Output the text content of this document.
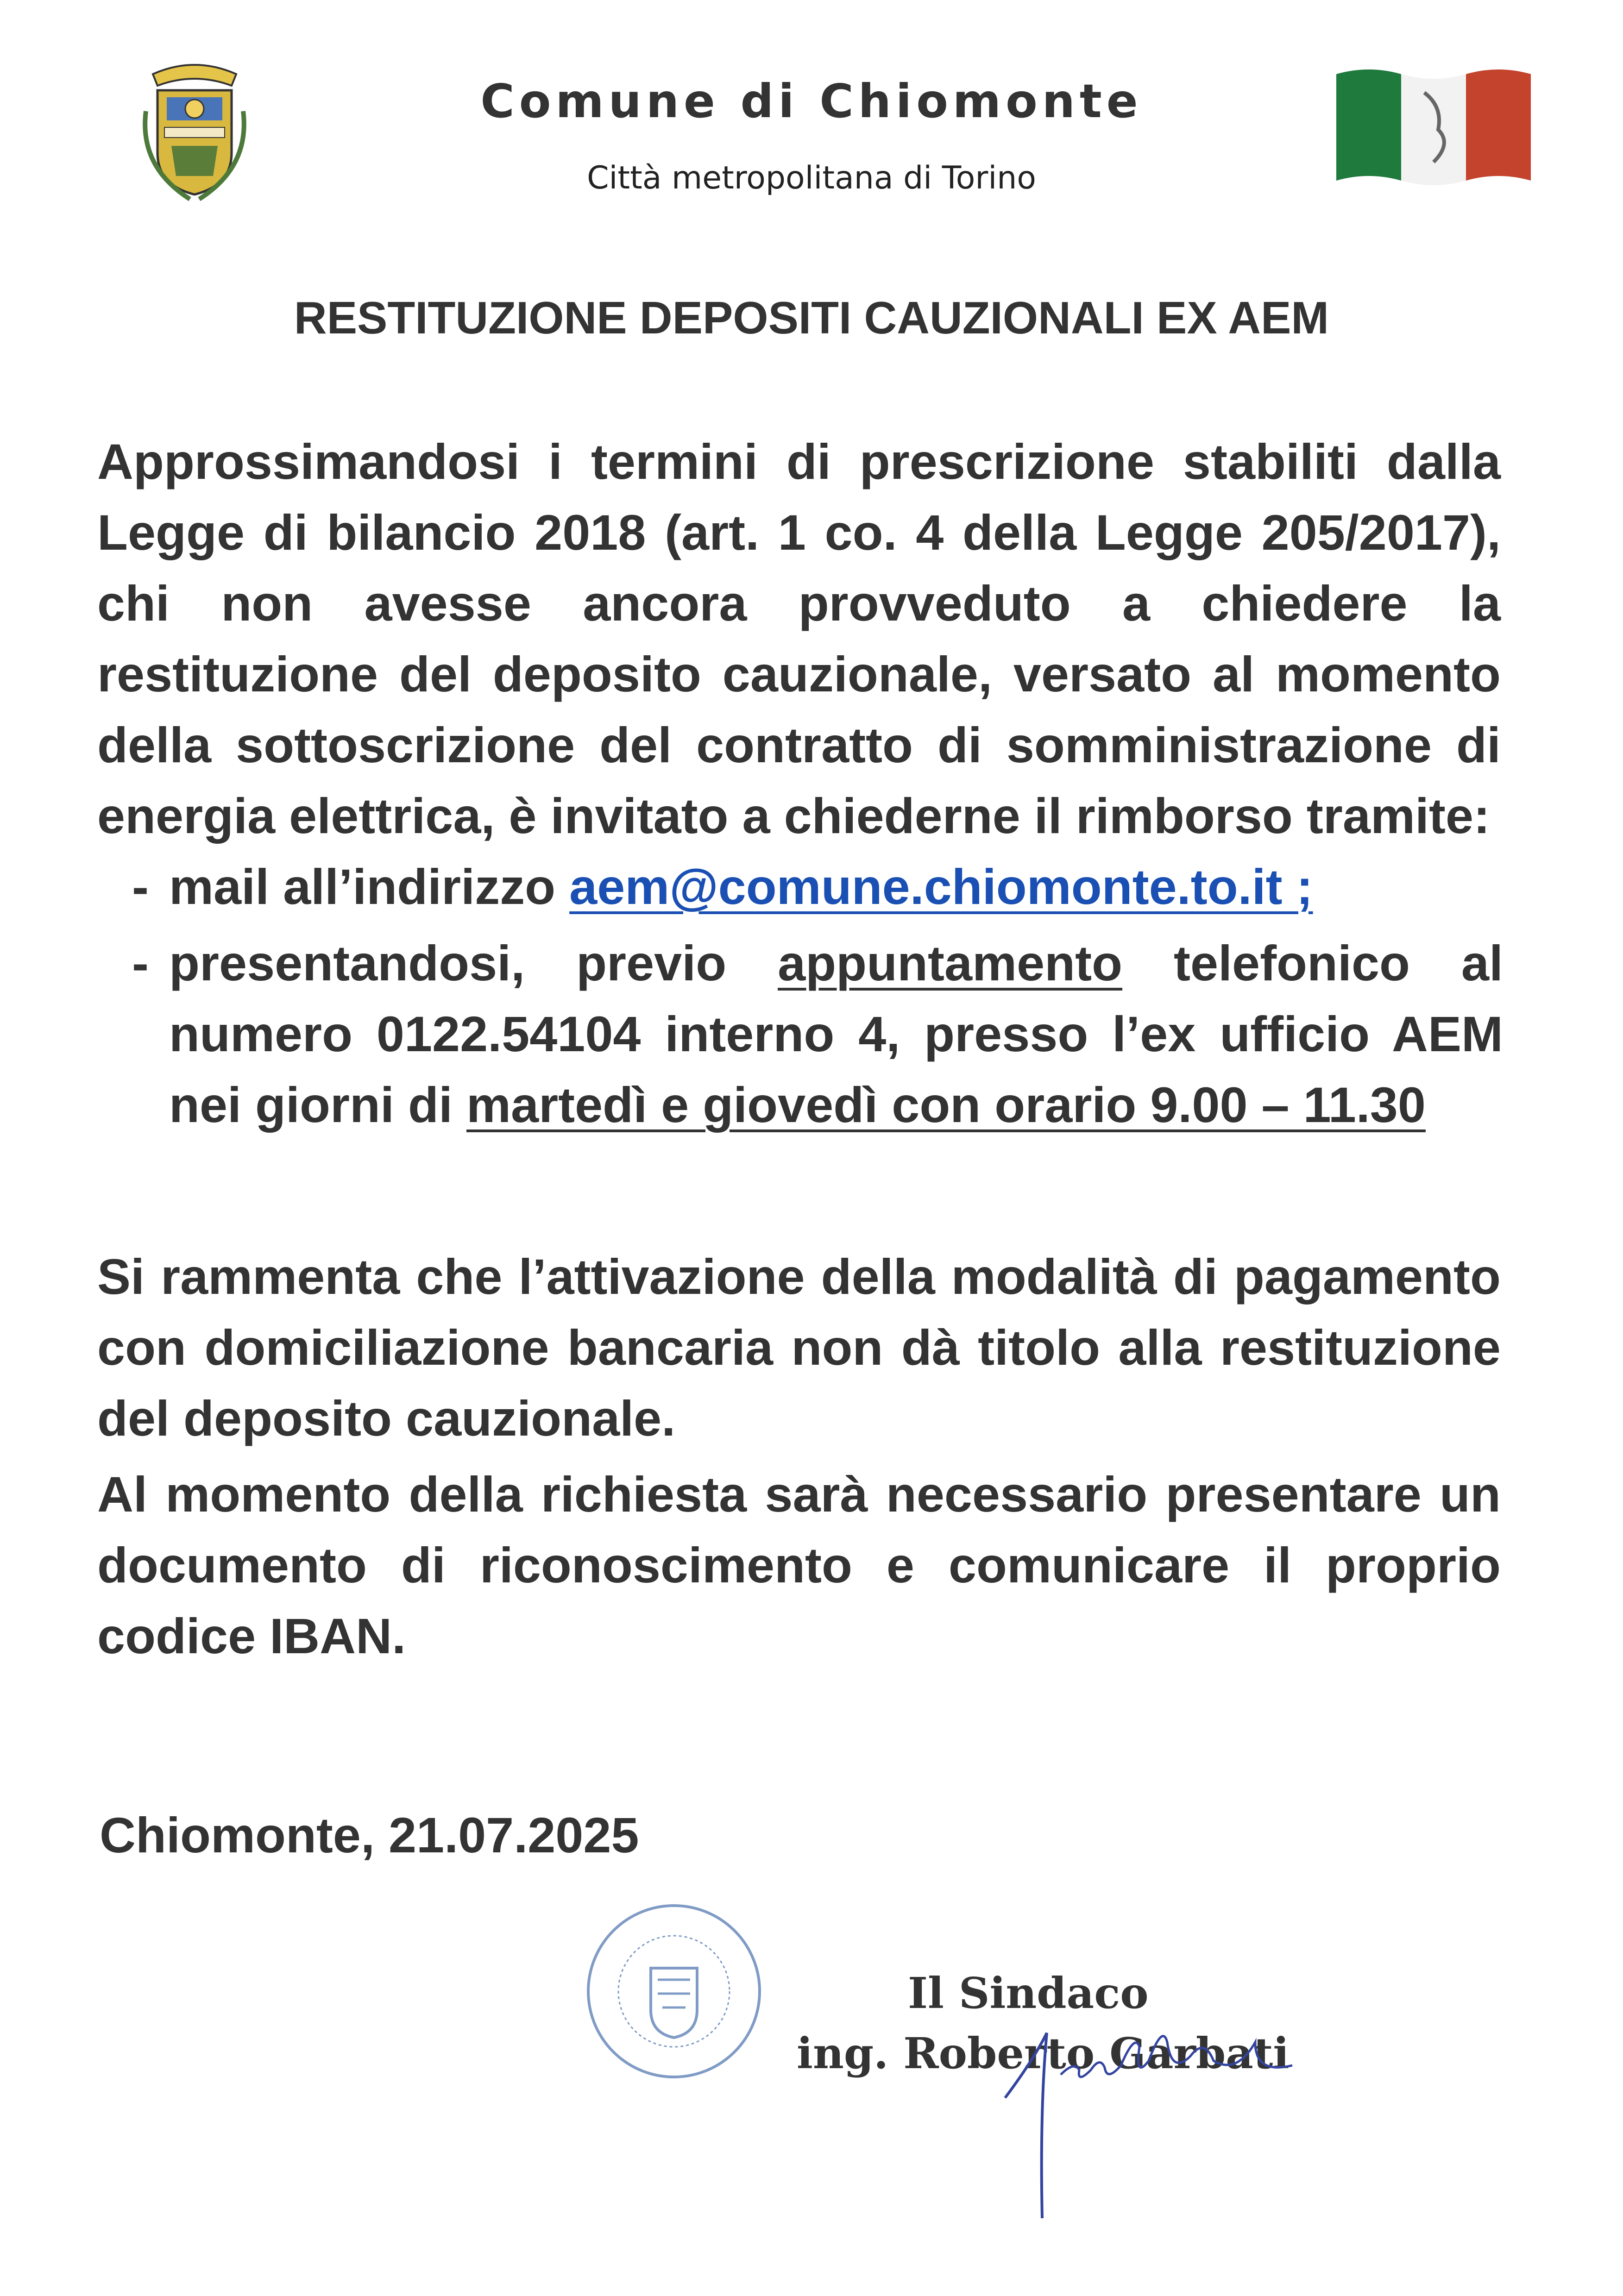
Comune di Chiomonte
Città metropolitana di Torino
RESTITUZIONE DEPOSITI CAUZIONALI EX AEM
Approssimandosi i termini di prescrizione stabiliti dalla Legge di bilancio 2018 (art. 1 co. 4 della Legge 205/2017), chi non avesse ancora provveduto a chiedere la restituzione del deposito cauzionale, versato al momento della sottoscrizione del contratto di somministrazione di energia elettrica, è invitato a chiederne il rimborso tramite:
- mail all’indirizzo aem@comune.chiomonte.to.it ;
- presentandosi, previo appuntamento telefonico al numero 0122.54104 interno 4, presso l’ex ufficio AEM nei giorni di martedì e giovedì con orario 9.00 – 11.30
Si rammenta che l’attivazione della modalità di pagamento con domiciliazione bancaria non dà titolo alla restituzione del deposito cauzionale.
Al momento della richiesta sarà necessario presentare un documento di riconoscimento e comunicare il proprio codice IBAN.
Chiomonte, 21.07.2025
Il Sindaco
ing. Roberto Garbati
